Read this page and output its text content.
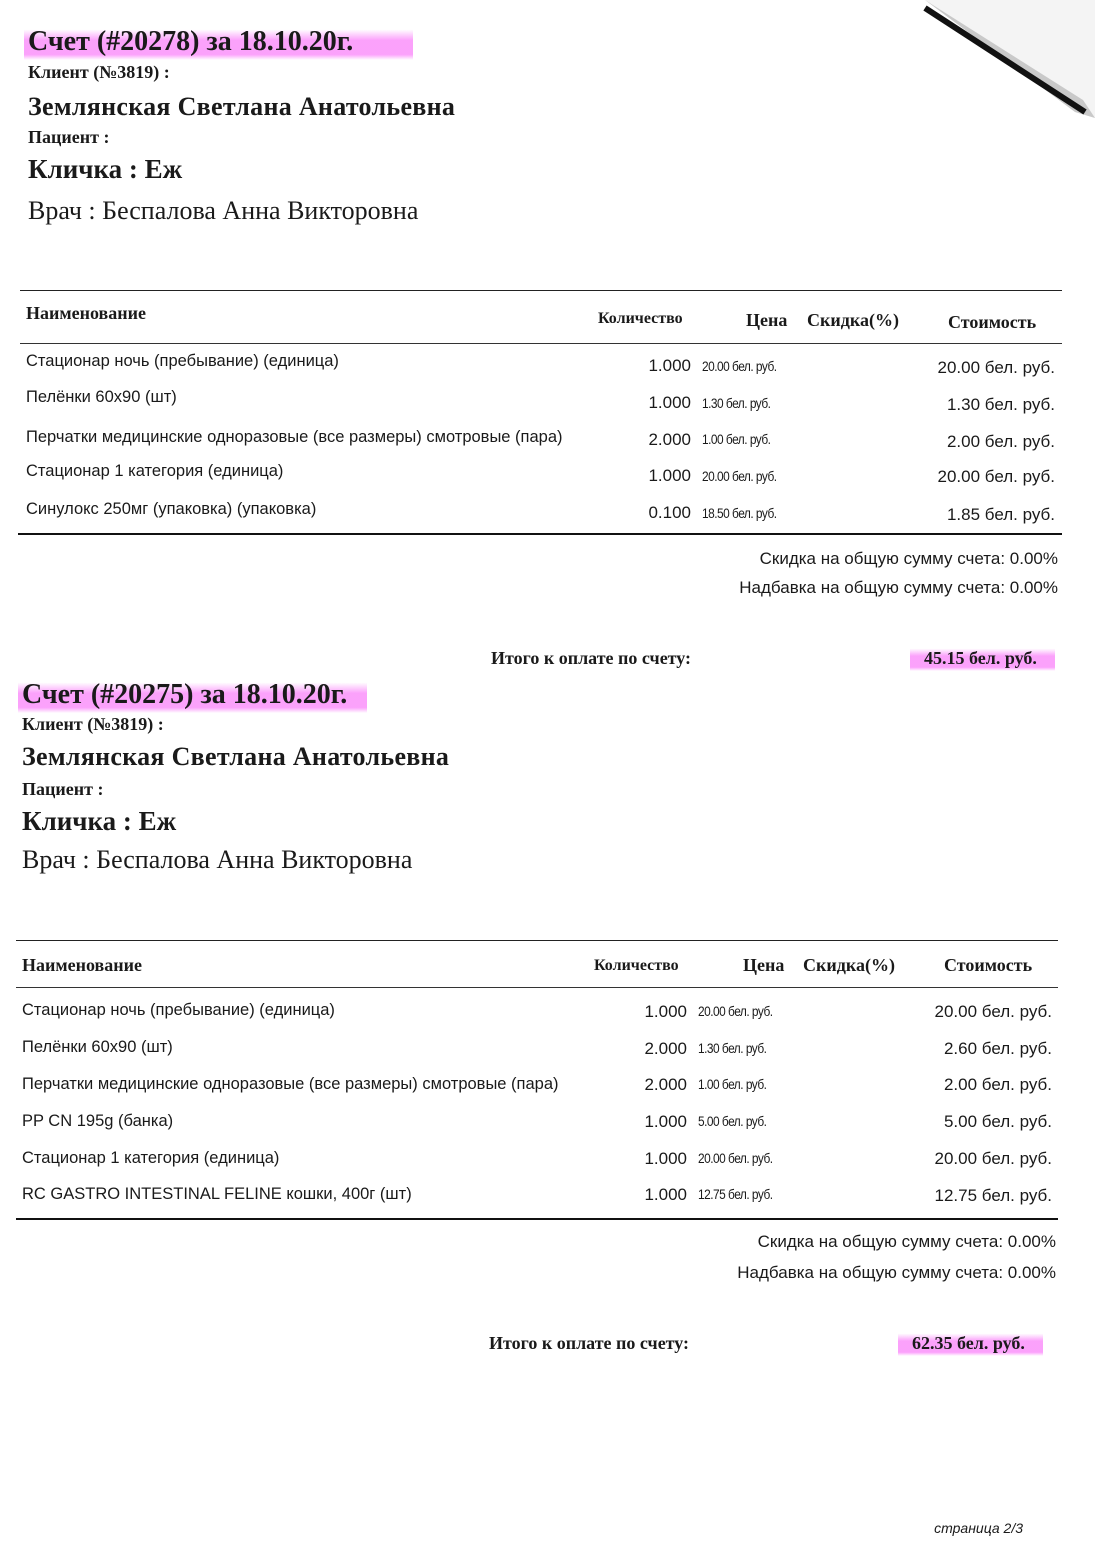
Счет (#20278) за 18.10.20г.
Клиент (№3819) :
Землянская Светлана Анатольевна
Пациент :
Кличка : Еж
Врач : Беспалова Анна Викторовна
Наименование	Количество	Цена Скидка(%)	Стоимость
Стационар ночь (пребывание) (единица)	1.000 20.00 бел. руб.	20.00 бел. руб.
Пелёнки 60х90 (шт)	1.000 1.30 бел. руб.	1.30 бел. руб.
Перчатки медицинские одноразовые (все размеры) смотровые (пара)	2.000 1.00 бел. руб.	2.00 бел. руб.
Стационар 1 категория (единица)	1.000 20.00 бел. руб.	20.00 бел. руб.
Синулокс 250мг (упаковка) (упаковка)	0.100 18.50 бел. руб.	1.85 бел. руб.
Скидка на общую сумму счета: 0.00%
Надбавка на общую сумму счета: 0.00%
Итого к оплате по счету:	45.15 бел. руб.
Счет (#20275) за 18.10.20г.
Клиент (№3819) :
Землянская Светлана Анатольевна
Пациент :
Кличка : Еж
Врач : Беспалова Анна Викторовна
Наименование	Количество	Цена Скидка(%)	Стоимость
Стационар ночь (пребывание) (единица)	1.000 20.00 бел. руб.	20.00 бел. руб.
Пелёнки 60х90 (шт)	2.000 1.30 бел. руб.	2.60 бел. руб.
Перчатки медицинские одноразовые (все размеры) смотровые (пара)	2.000 1.00 бел. руб.	2.00 бел. руб.
PP CN 195g (банка)	1.000 5.00 бел. руб.	5.00 бел. руб.
Стационар 1 категория (единица)	1.000 20.00 бел. руб.	20.00 бел. руб.
RC GASTRO INTESTINAL FELINE кошки, 400г (шт)	1.000 12.75 бел. руб.	12.75 бел. руб.
Скидка на общую сумму счета: 0.00%
Надбавка на общую сумму счета: 0.00%
Итого к оплате по счету:	62.35 бел. руб.
страница 2/3
